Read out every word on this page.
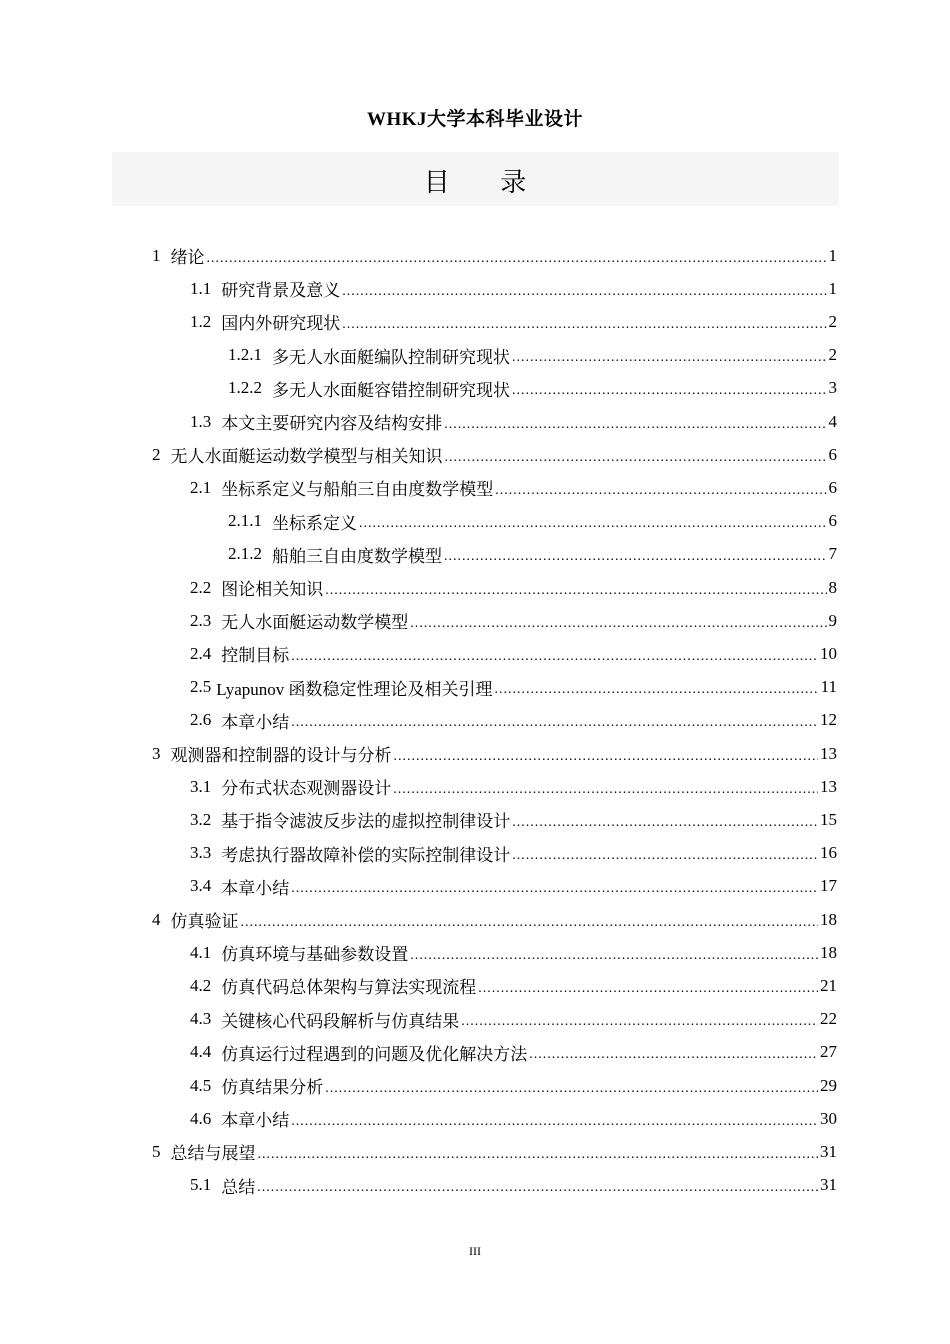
WHKJ大学本科毕业设计
目 录
1 绪论 .....	1
1.1 研究背景及意义 .....	1
1.2 国内外研究现状 .....	2
1.2.1 多无人水面艇编队控制研究现状 .....	2
1.2.2 多无人水面艇容错控制研究现状 .....	3
1.3 本文主要研究内容及结构安排 .....	4
2 无人水面艇运动数学模型与相关知识 .....	6
2.1 坐标系定义与船舶三自由度数学模型 .....	6
2.1.1 坐标系定义 .....	6
2.1.2 船舶三自由度数学模型 .....	7
2.2 图论相关知识 .....	8
2.3 无人水面艇运动数学模型 .....	9
2.4 控制目标 .....	10
2.5 Lyapunov 函数稳定性理论及相关引理 .....	11
2.6 本章小结 .....	12
3 观测器和控制器的设计与分析 .....	13
3.1 分布式状态观测器设计 .....	13
3.2 基于指令滤波反步法的虚拟控制律设计 .....	15
3.3 考虑执行器故障补偿的实际控制律设计 .....	16
3.4 本章小结 .....	17
4 仿真验证 .....	18
4.1 仿真环境与基础参数设置 .....	18
4.2 仿真代码总体架构与算法实现流程 .....	21
4.3 关键核心代码段解析与仿真结果 .....	22
4.4 仿真运行过程遇到的问题及优化解决方法 .....	27
4.5 仿真结果分析 .....	29
4.6 本章小结 .....	30
5 总结与展望 .....	31
5.1 总结 .....	31
III
